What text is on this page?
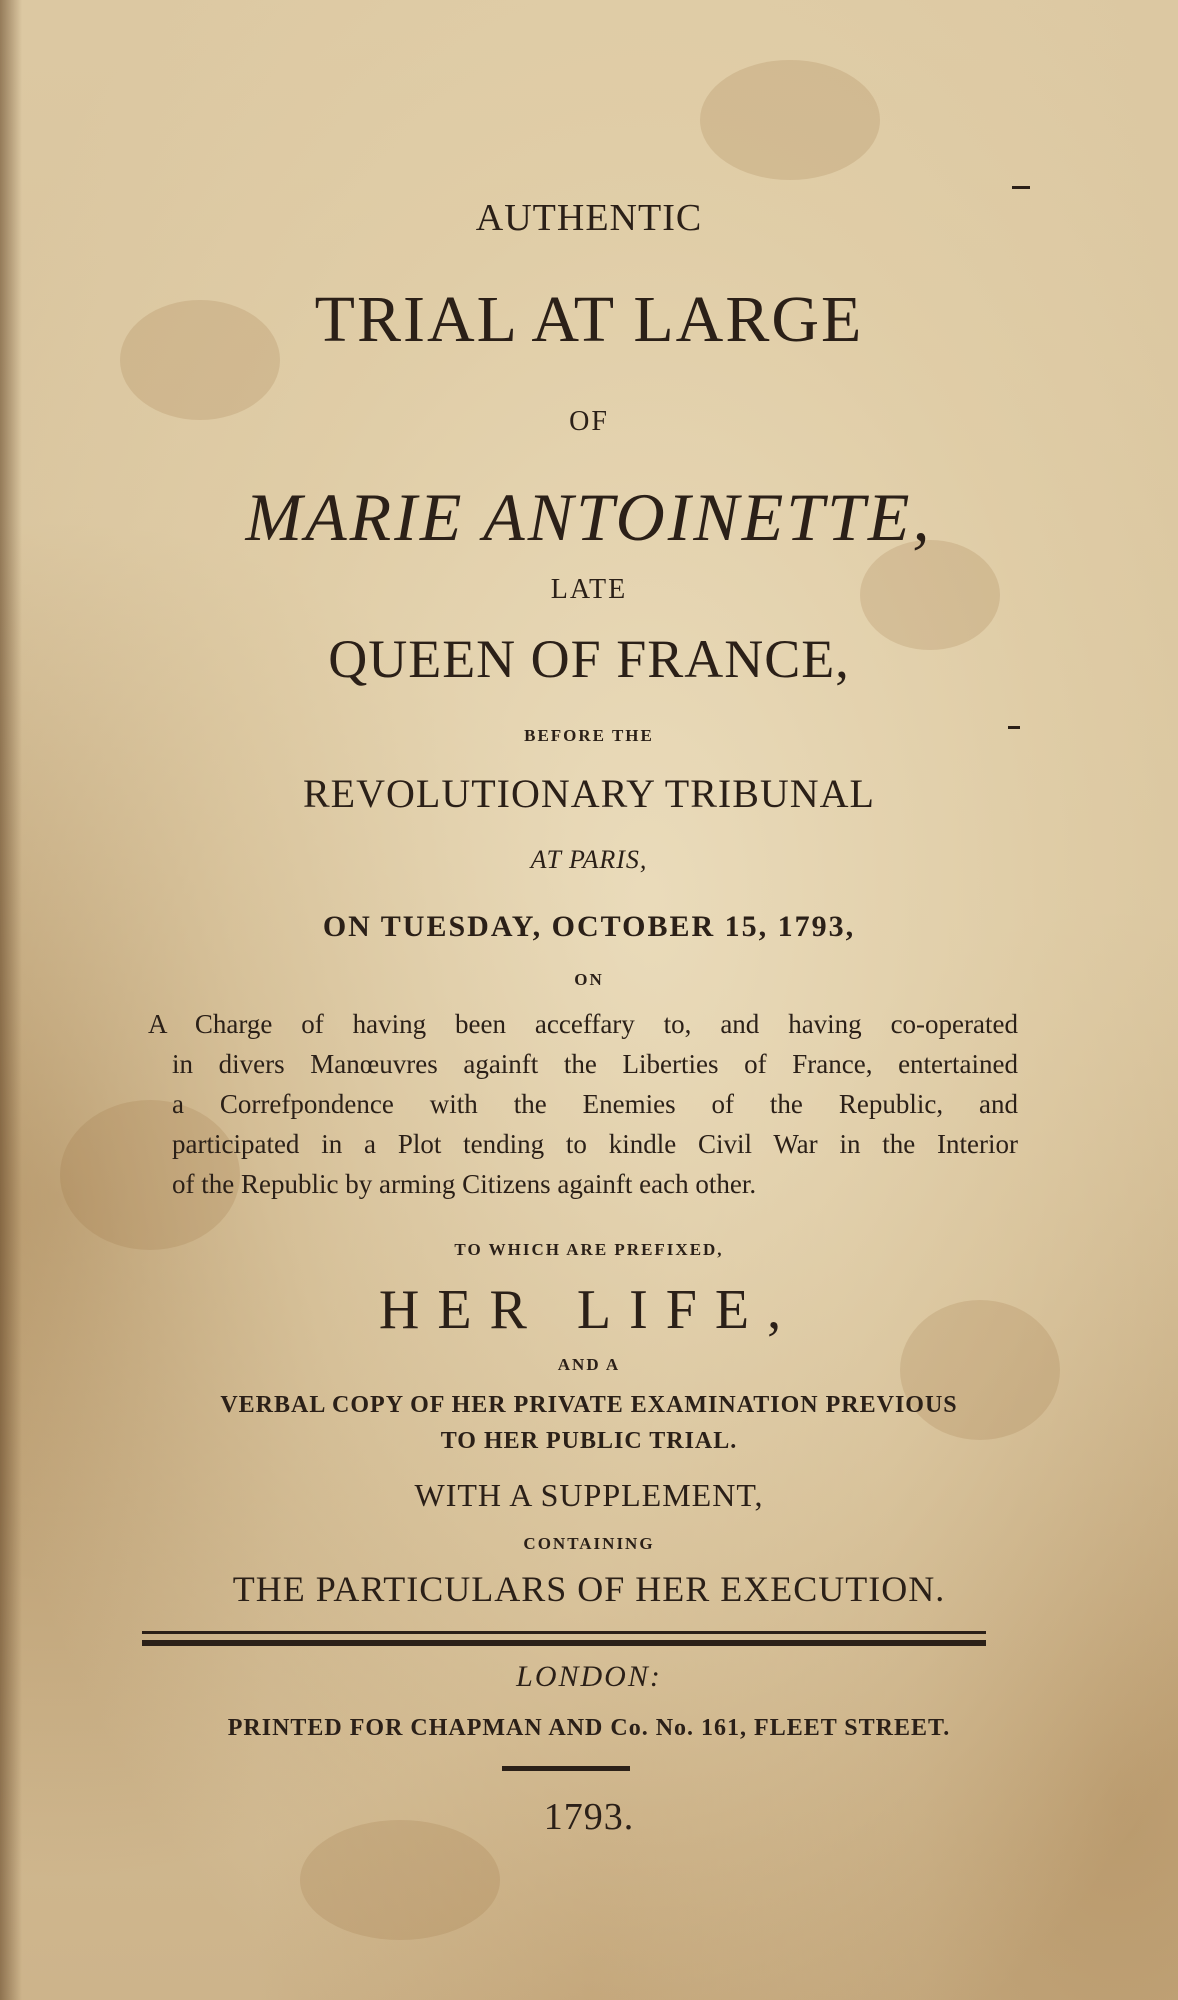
AUTHENTIC
TRIAL AT LARGE
OF
MARIE ANTOINETTE,
LATE
QUEEN OF FRANCE,
BEFORE THE
REVOLUTIONARY TRIBUNAL
AT PARIS,
ON TUESDAY, OCTOBER 15, 1793,
ON
A Charge of having been acceffary to, and having co-operated
in divers Manœuvres againft the Liberties of France, entertained
a Correfpondence with the Enemies of the Republic, and
participated in a Plot tending to kindle Civil War in the Interior
of the Republic by arming Citizens againft each other.
TO WHICH ARE PREFIXED,
HER LIFE,
AND A
VERBAL COPY OF HER PRIVATE EXAMINATION PREVIOUS
TO HER PUBLIC TRIAL.
WITH A SUPPLEMENT,
CONTAINING
THE PARTICULARS OF HER EXECUTION.
LONDON:
PRINTED FOR CHAPMAN AND Co. No. 161, FLEET STREET.
1793.
